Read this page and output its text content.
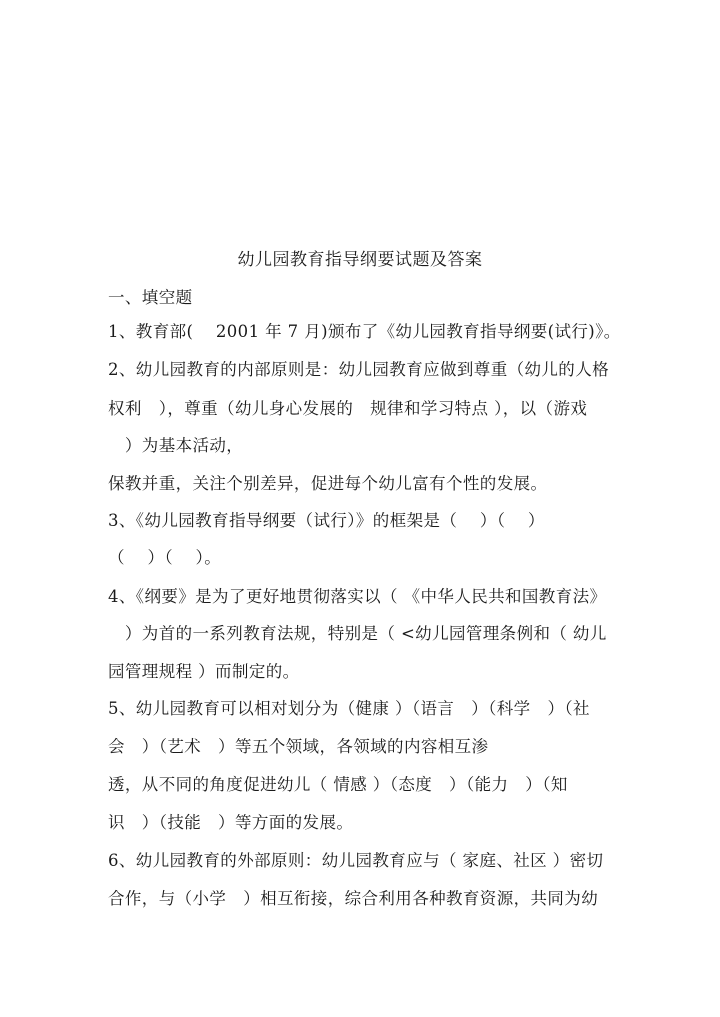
幼儿园教育指导纲要试题及答案
一、填空题
1、教育部(　 2001 年 7 月)颁布了《幼儿园教育指导纲要(试行)》。
2、幼儿园教育的内部原则是：幼儿园教育应做到尊重（幼儿的人格
权利　），尊重（幼儿身心发展的　规律和学习特点 ），以（游戏
　）为基本活动，
保教并重，关注个别差异，促进每个幼儿富有个性的发展。
3、《幼儿园教育指导纲要（试行）》的框架是（　 ）（　 ）
（　 ）（　 ）。
4、《纲要》是为了更好地贯彻落实以（ 《中华人民共和国教育法》
　）为首的一系列教育法规，特别是（ <幼儿园管理条例和（ 幼儿
园管理规程 ）而制定的。
5、幼儿园教育可以相对划分为（健康 ）（语言　）（科学　）（社
会　）（艺术　）等五个领域，各领域的内容相互渗
透，从不同的角度促进幼儿（ 情感 ）（态度　）（能力　）（知
识　）（技能　）等方面的发展。
6、幼儿园教育的外部原则：幼儿园教育应与（ 家庭、社区 ）密切
合作，与（小学　）相互衔接，综合利用各种教育资源，共同为幼
